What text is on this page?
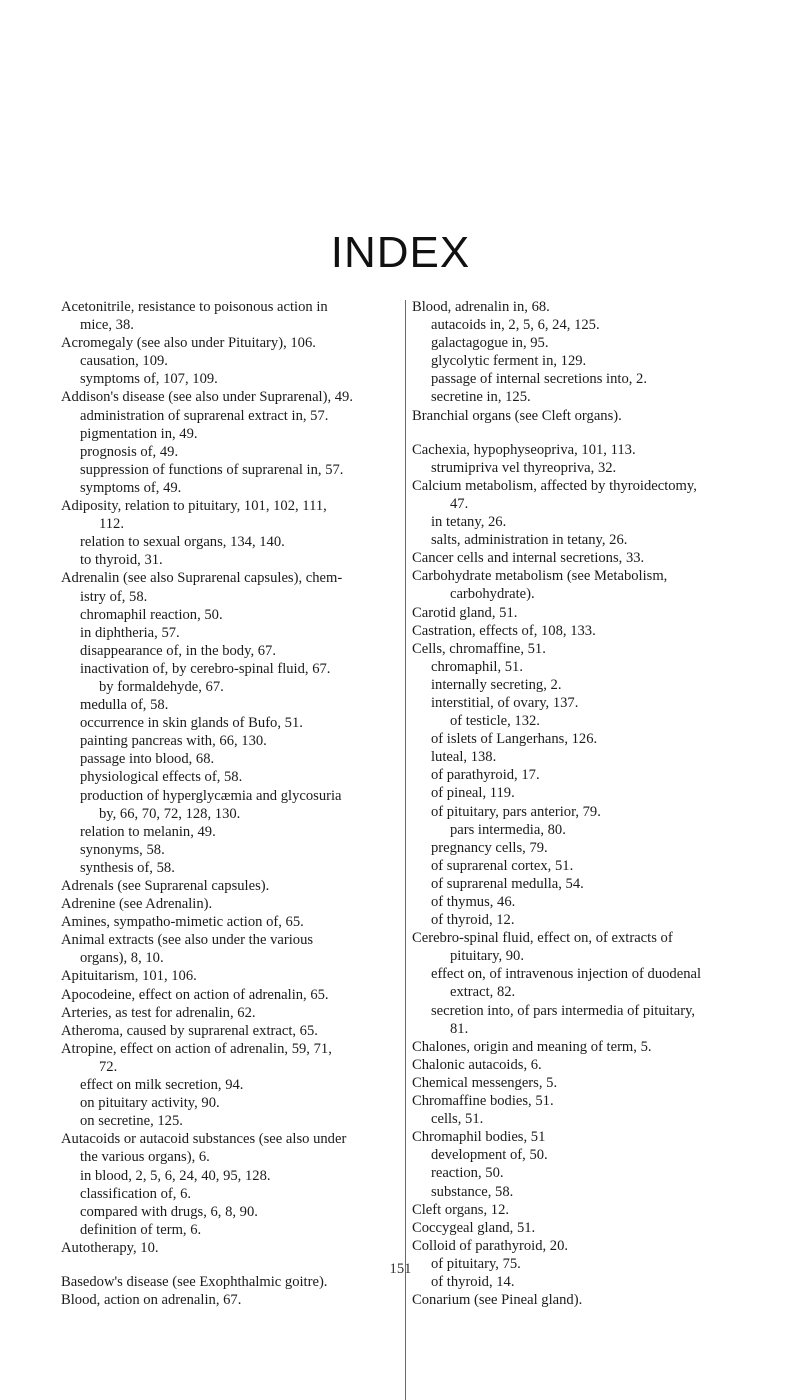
INDEX
Acetonitrile, resistance to poisonous action in
mice, 38.
Acromegaly (see also under Pituitary), 106.
causation, 109.
symptoms of, 107, 109.
Addison's disease (see also under Suprarenal), 49.
administration of suprarenal extract in, 57.
pigmentation in, 49.
prognosis of, 49.
suppression of functions of suprarenal in, 57.
symptoms of, 49.
Adiposity, relation to pituitary, 101, 102, 111,
112.
relation to sexual organs, 134, 140.
to thyroid, 31.
Adrenalin (see also Suprarenal capsules), chem-
istry of, 58.
chromaphil reaction, 50.
in diphtheria, 57.
disappearance of, in the body, 67.
inactivation of, by cerebro-spinal fluid, 67.
by formaldehyde, 67.
medulla of, 58.
occurrence in skin glands of Bufo, 51.
painting pancreas with, 66, 130.
passage into blood, 68.
physiological effects of, 58.
production of hyperglycæmia and glycosuria
by, 66, 70, 72, 128, 130.
relation to melanin, 49.
synonyms, 58.
synthesis of, 58.
Adrenals (see Suprarenal capsules).
Adrenine (see Adrenalin).
Amines, sympatho-mimetic action of, 65.
Animal extracts (see also under the various
organs), 8, 10.
Apituitarism, 101, 106.
Apocodeine, effect on action of adrenalin, 65.
Arteries, as test for adrenalin, 62.
Atheroma, caused by suprarenal extract, 65.
Atropine, effect on action of adrenalin, 59, 71,
72.
effect on milk secretion, 94.
on pituitary activity, 90.
on secretine, 125.
Autacoids or autacoid substances (see also under
the various organs), 6.
in blood, 2, 5, 6, 24, 40, 95, 128.
classification of, 6.
compared with drugs, 6, 8, 90.
definition of term, 6.
Autotherapy, 10.
Basedow's disease (see Exophthalmic goitre).
Blood, action on adrenalin, 67.
Blood, adrenalin in, 68.
autacoids in, 2, 5, 6, 24, 125.
galactagogue in, 95.
glycolytic ferment in, 129.
passage of internal secretions into, 2.
secretine in, 125.
Branchial organs (see Cleft organs).
Cachexia, hypophyseopriva, 101, 113.
strumipriva vel thyreopriva, 32.
Calcium metabolism, affected by thyroidectomy,
47.
in tetany, 26.
salts, administration in tetany, 26.
Cancer cells and internal secretions, 33.
Carbohydrate metabolism (see Metabolism,
carbohydrate).
Carotid gland, 51.
Castration, effects of, 108, 133.
Cells, chromaffine, 51.
chromaphil, 51.
internally secreting, 2.
interstitial, of ovary, 137.
of testicle, 132.
of islets of Langerhans, 126.
luteal, 138.
of parathyroid, 17.
of pineal, 119.
of pituitary, pars anterior, 79.
pars intermedia, 80.
pregnancy cells, 79.
of suprarenal cortex, 51.
of suprarenal medulla, 54.
of thymus, 46.
of thyroid, 12.
Cerebro-spinal fluid, effect on, of extracts of
pituitary, 90.
effect on, of intravenous injection of duodenal
extract, 82.
secretion into, of pars intermedia of pituitary,
81.
Chalones, origin and meaning of term, 5.
Chalonic autacoids, 6.
Chemical messengers, 5.
Chromaffine bodies, 51.
cells, 51.
Chromaphil bodies, 51
development of, 50.
reaction, 50.
substance, 58.
Cleft organs, 12.
Coccygeal gland, 51.
Colloid of parathyroid, 20.
of pituitary, 75.
of thyroid, 14.
Conarium (see Pineal gland).
151
